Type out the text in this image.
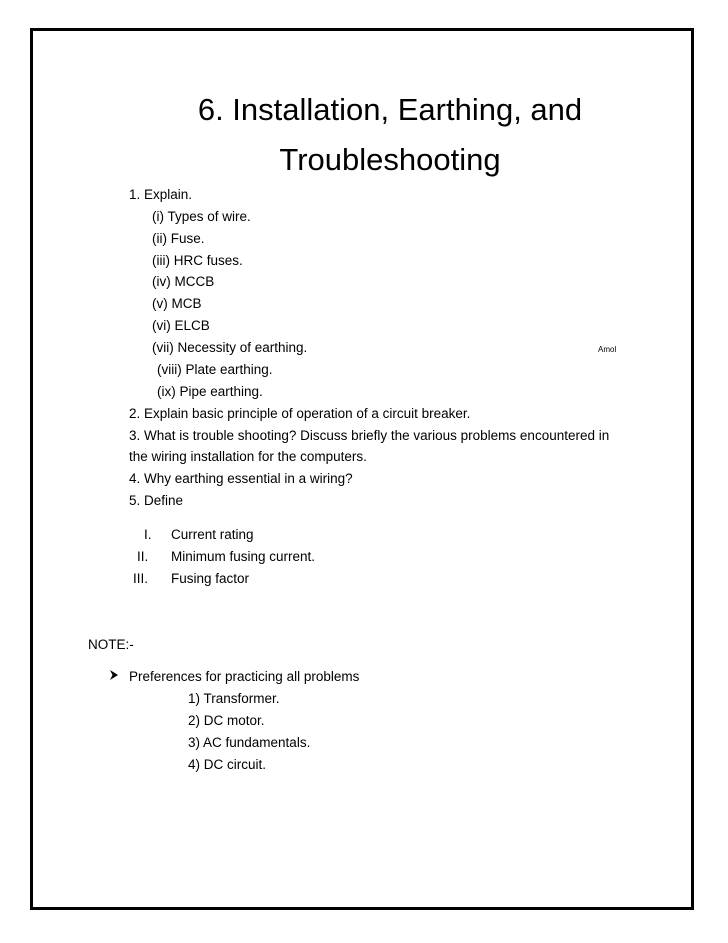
6. Installation, Earthing, and
Troubleshooting
1. Explain.
(i) Types of wire.
(ii) Fuse.
(iii) HRC fuses.
(iv) MCCB
(v) MCB
(vi) ELCB
(vii) Necessity of earthing.	Amol
(viii) Plate earthing.
(ix) Pipe earthing.
2. Explain basic principle of operation of a circuit breaker.
3. What is trouble shooting? Discuss briefly the various problems encountered in
the wiring installation for the computers.
4. Why earthing essential in a wiring?
5. Define
I. Current rating
II. Minimum fusing current.
III. Fusing factor
NOTE:-
Preferences for practicing all problems
1) Transformer.
2) DC motor.
3) AC fundamentals.
4) DC circuit.
